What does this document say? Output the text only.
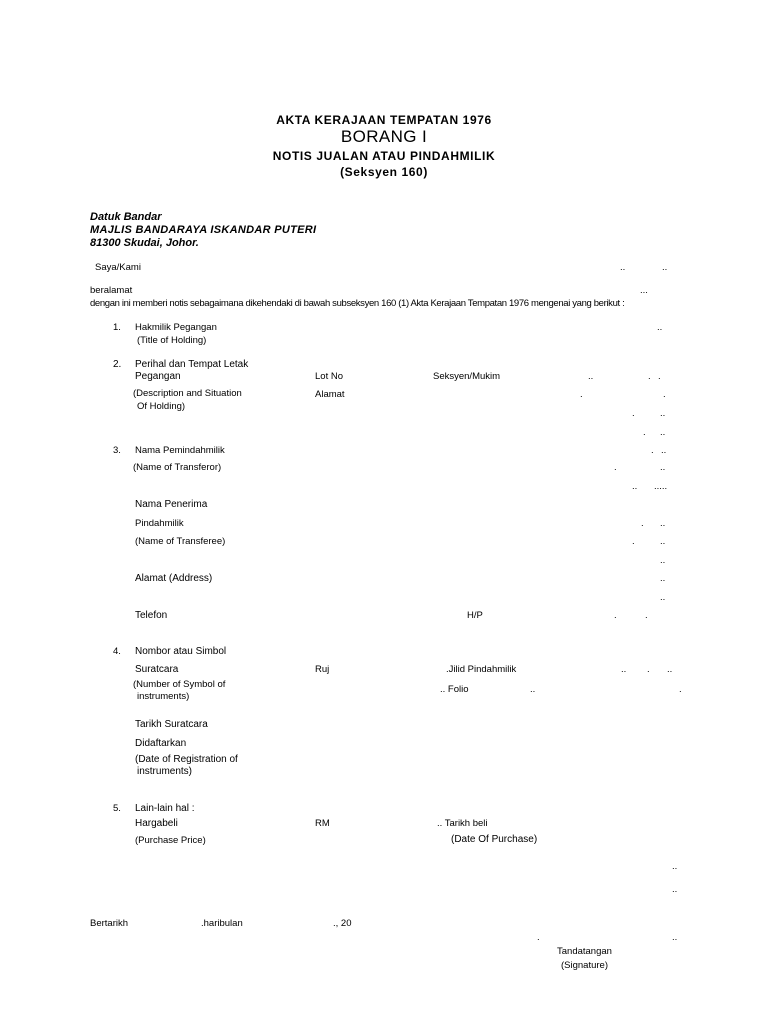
AKTA KERAJAAN TEMPATAN 1976
BORANG I
NOTIS JUALAN ATAU PINDAHMILIK
(Seksyen 160)
Datuk Bandar
MAJLIS BANDARAYA ISKANDAR PUTERI
81300 Skudai, Johor.
Saya/Kami	..	..
beralamat	...
dengan ini memberi notis sebagaimana dikehendaki di bawah subseksyen 160 (1) Akta Kerajaan Tempatan 1976 mengenai yang berikut :
1. Hakmilik Pegangan
(Title of Holding)
..
2. Perihal dan Tempat Letak
Pegangan	Lot No	Seksyen/Mukim	..	. .
(Description and Situation
Of Holding)
Alamat	.	.
.	..
. ..
3. Nama Pemindahmilik	. ..
(Name of Transferor)	.	..
.. .....
Nama Penerima
Pindahmilik	. ..
(Name of Transferee)	.	..
..
Alamat (Address)	..
..
Telefon	H/P	.	.
4. Nombor atau Simbol
Suratcara	Ruj	.Jilid Pindahmilik	.. . ..
(Number of Symbol of
instruments)
.. Folio	..	.
Tarikh Suratcara
Didaftarkan
(Date of Registration of
instruments)
5. Lain-lain hal :
Hargabeli	RM	.. Tarikh beli
(Purchase Price)	(Date Of Purchase)
..
..
Bertarikh	.haribulan	., 20
.	..
Tandatangan
(Signature)
